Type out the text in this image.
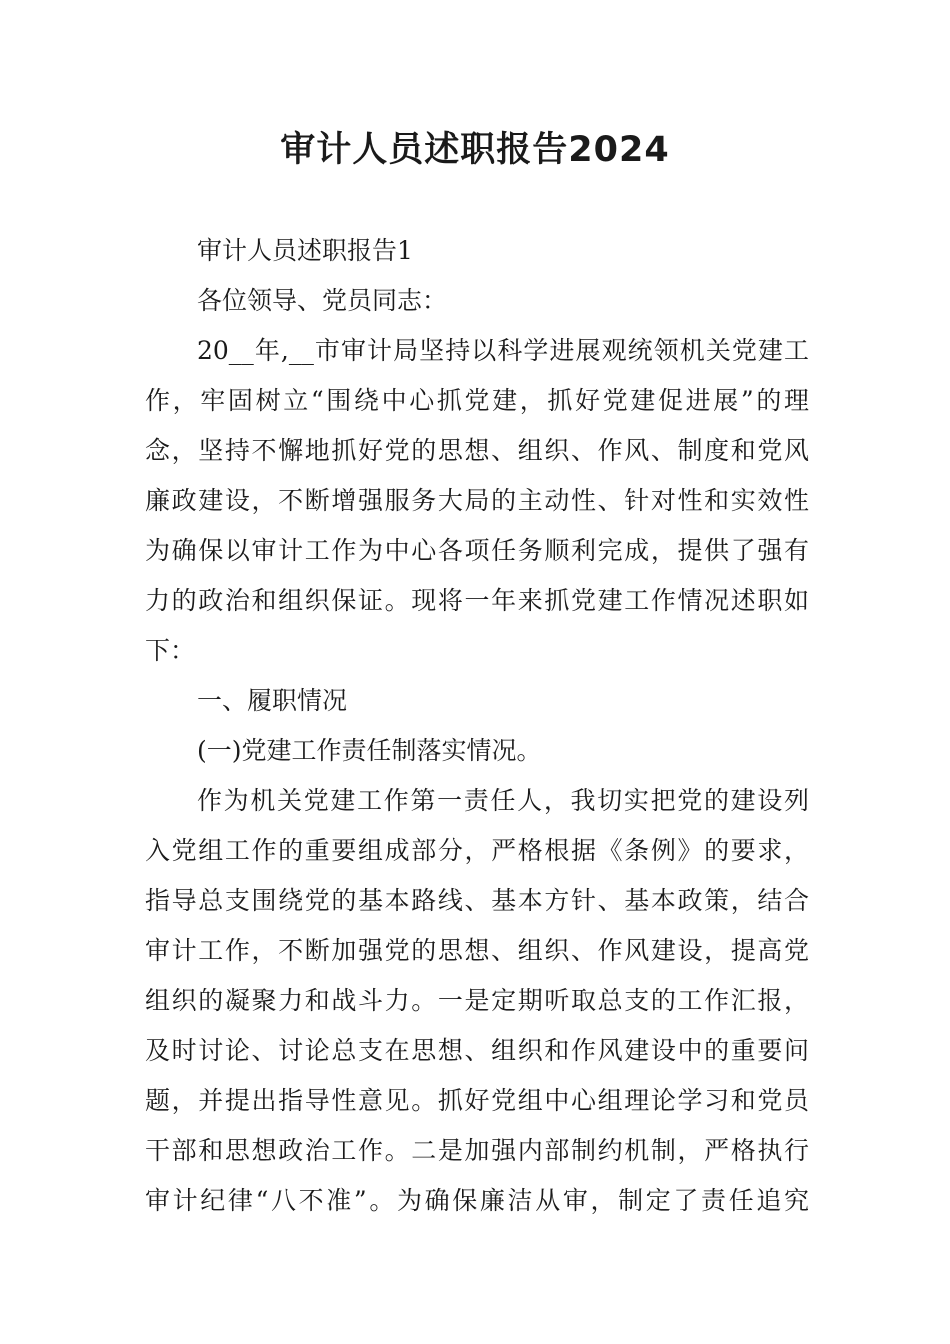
审计人员述职报告2024
审计人员述职报告1
各位领导、党员同志：
20__年,__市审计局坚持以科学进展观统领机关党建工
作，牢固树立“围绕中心抓党建，抓好党建促进展”的理
念，坚持不懈地抓好党的思想、组织、作风、制度和党风
廉政建设，不断增强服务大局的主动性、针对性和实效性
为确保以审计工作为中心各项任务顺利完成，提供了强有
力的政治和组织保证。现将一年来抓党建工作情况述职如
下：
一、履职情况
(一)党建工作责任制落实情况。
作为机关党建工作第一责任人，我切实把党的建设列
入党组工作的重要组成部分，严格根据《条例》的要求，
指导总支围绕党的基本路线、基本方针、基本政策，结合
审计工作，不断加强党的思想、组织、作风建设，提高党
组织的凝聚力和战斗力。一是定期听取总支的工作汇报，
及时讨论、讨论总支在思想、组织和作风建设中的重要问
题，并提出指导性意见。抓好党组中心组理论学习和党员
干部和思想政治工作。二是加强内部制约机制，严格执行
审计纪律“八不准”。为确保廉洁从审，制定了责任追究
